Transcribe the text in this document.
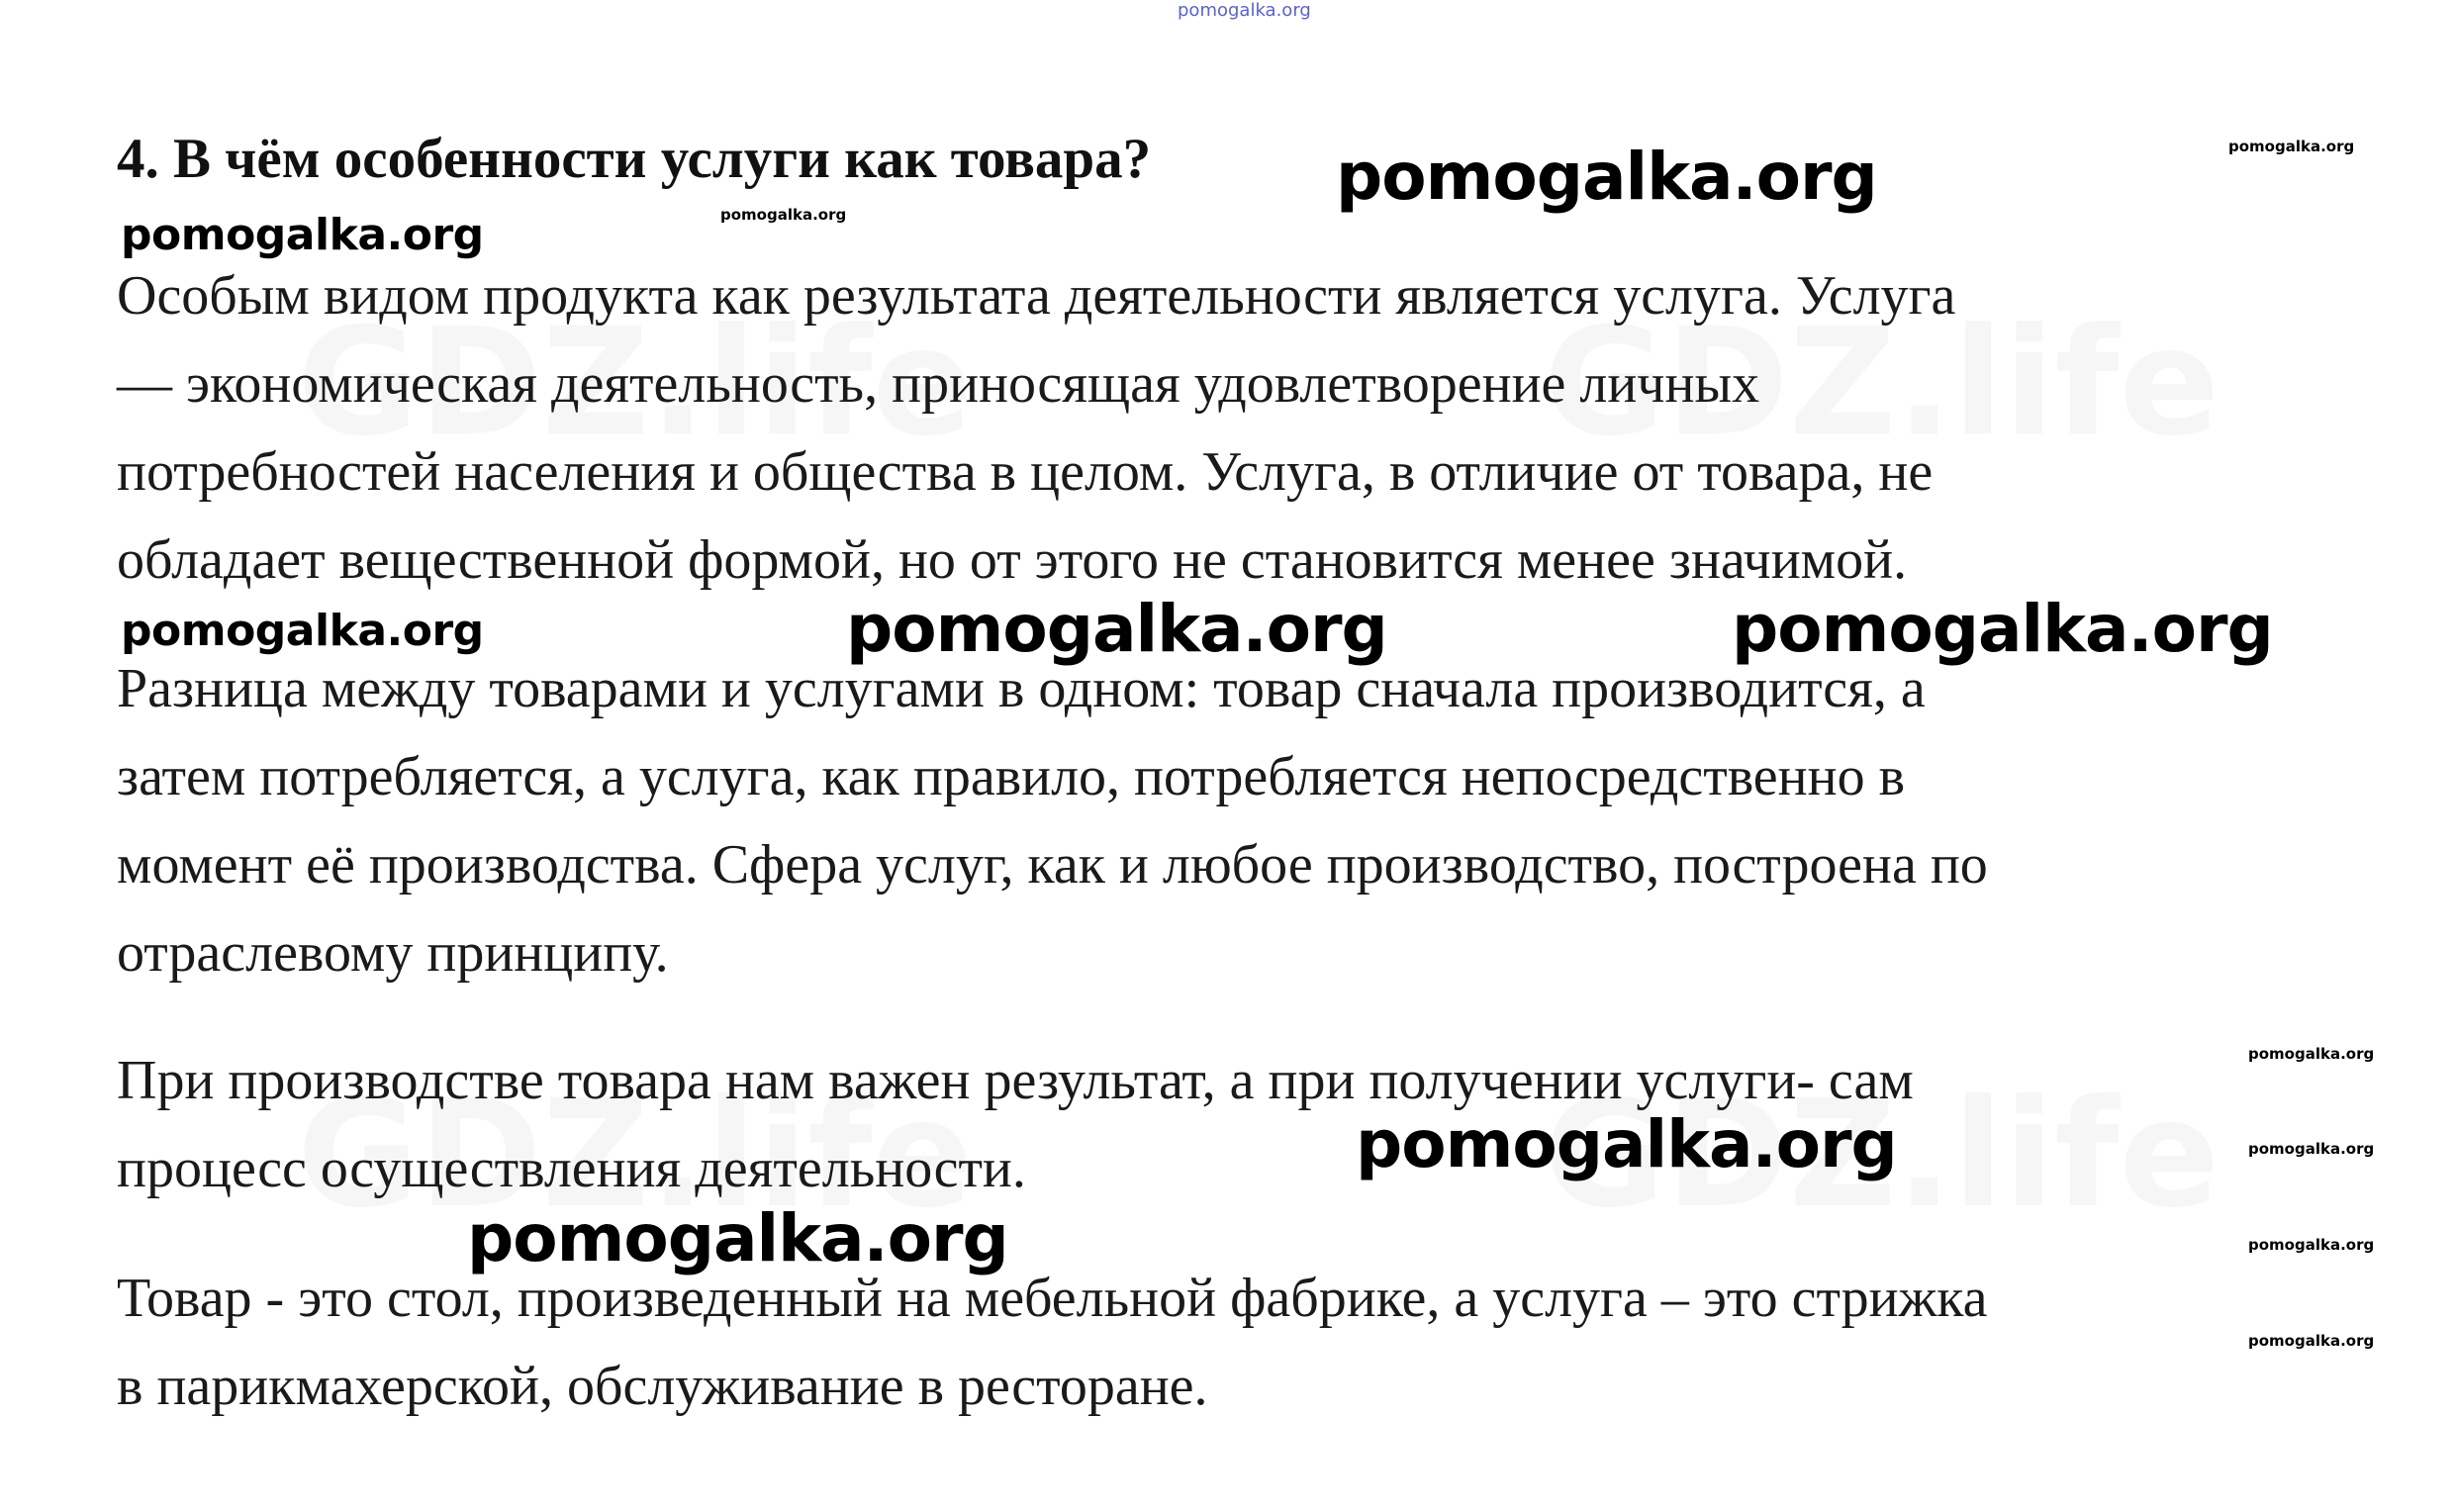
pomogalka.org
4. В чём особенности услуги как товара?
Особым видом продукта как результата деятельности является услуга. Услуга
— экономическая деятельность, приносящая удовлетворение личных
потребностей населения и общества в целом. Услуга, в отличие от товара, не
обладает вещественной формой, но от этого не становится менее значимой.
Разница между товарами и услугами в одном: товар сначала производится, а
затем потребляется, а услуга, как правило, потребляется непосредственно в
момент её производства. Сфера услуг, как и любое производство, построена по
отраслевому принципу.
При производстве товара нам важен результат, а при получении услуги- сам
процесс осуществления деятельности.
Товар - это стол, произведенный на мебельной фабрике, а услуга – это стрижка
в парикмахерской, обслуживание в ресторане.
pomogalka.org
pomogalka.org	pomogalka.org
pomogalka.org
pomogalka.org
pomogalka.org
pomogalka.org
pomogalka.org
pomogalka.org
pomogalka.org
pomogalka.org
pomogalka.org
pomogalka.org
